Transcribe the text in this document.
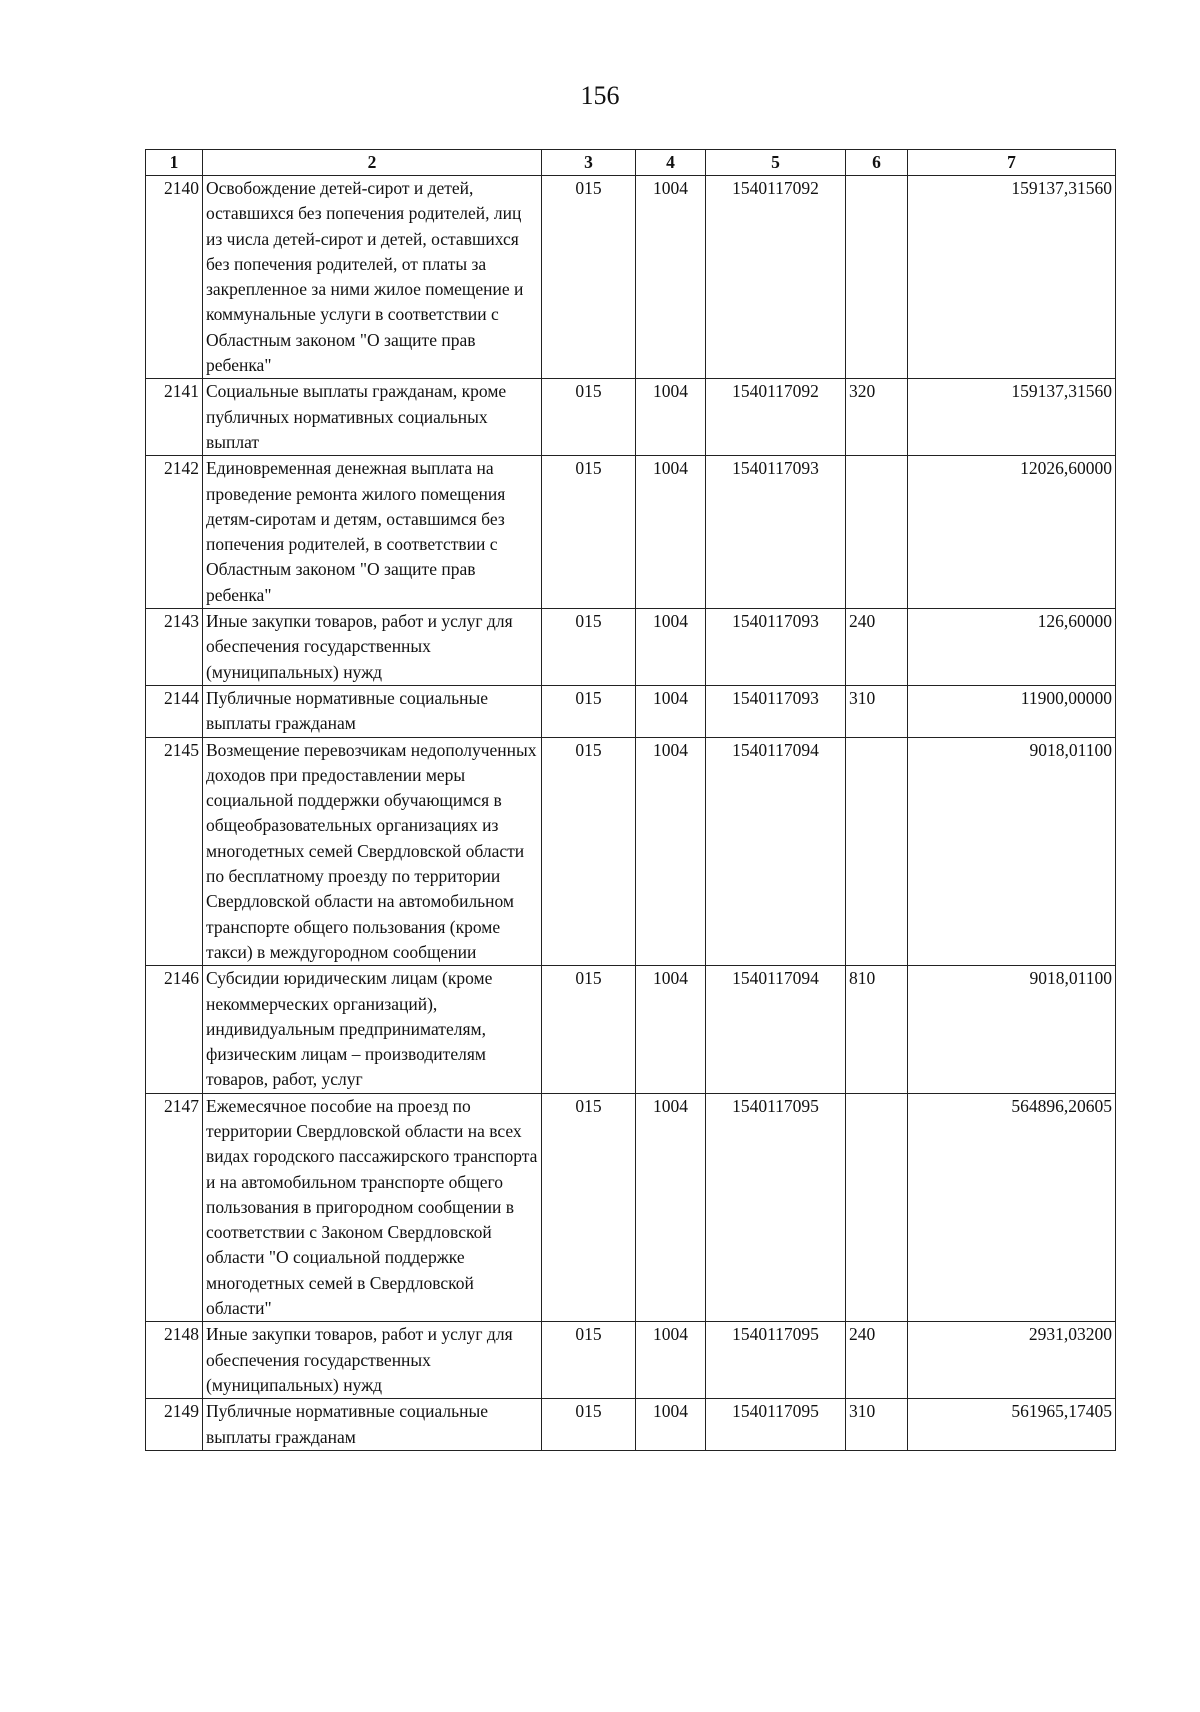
156
1	2	3	4	5	6	7
2140	Освобождение детей-сирот и детей, оставшихся без попечения родителей, лиц из числа детей-сирот и детей, оставшихся без попечения родителей, от платы за закрепленное за ними жилое помещение и коммунальные услуги в соответствии с Областным законом "О защите прав ребенка"	015	1004	1540117092		159137,31560
2141	Социальные выплаты гражданам, кроме публичных нормативных социальных выплат	015	1004	1540117092	320	159137,31560
2142	Единовременная денежная выплата на проведение ремонта жилого помещения детям-сиротам и детям, оставшимся без попечения родителей, в соответствии с Областным законом "О защите прав ребенка"	015	1004	1540117093		12026,60000
2143	Иные закупки товаров, работ и услуг для обеспечения государственных (муниципальных) нужд	015	1004	1540117093	240	126,60000
2144	Публичные нормативные социальные выплаты гражданам	015	1004	1540117093	310	11900,00000
2145	Возмещение перевозчикам недополученных доходов при предоставлении меры социальной поддержки обучающимся в общеобразовательных организациях из многодетных семей Свердловской области по бесплатному проезду по территории Свердловской области на автомобильном транспорте общего пользования (кроме такси) в междугородном сообщении	015	1004	1540117094		9018,01100
2146	Субсидии юридическим лицам (кроме некоммерческих организаций), индивидуальным предпринимателям, физическим лицам – производителям товаров, работ, услуг	015	1004	1540117094	810	9018,01100
2147	Ежемесячное пособие на проезд по территории Свердловской области на всех видах городского пассажирского транспорта и на автомобильном транспорте общего пользования в пригородном сообщении в соответствии с Законом Свердловской области "О социальной поддержке многодетных семей в Свердловской области"	015	1004	1540117095		564896,20605
2148	Иные закупки товаров, работ и услуг для обеспечения государственных (муниципальных) нужд	015	1004	1540117095	240	2931,03200
2149	Публичные нормативные социальные выплаты гражданам	015	1004	1540117095	310	561965,17405
